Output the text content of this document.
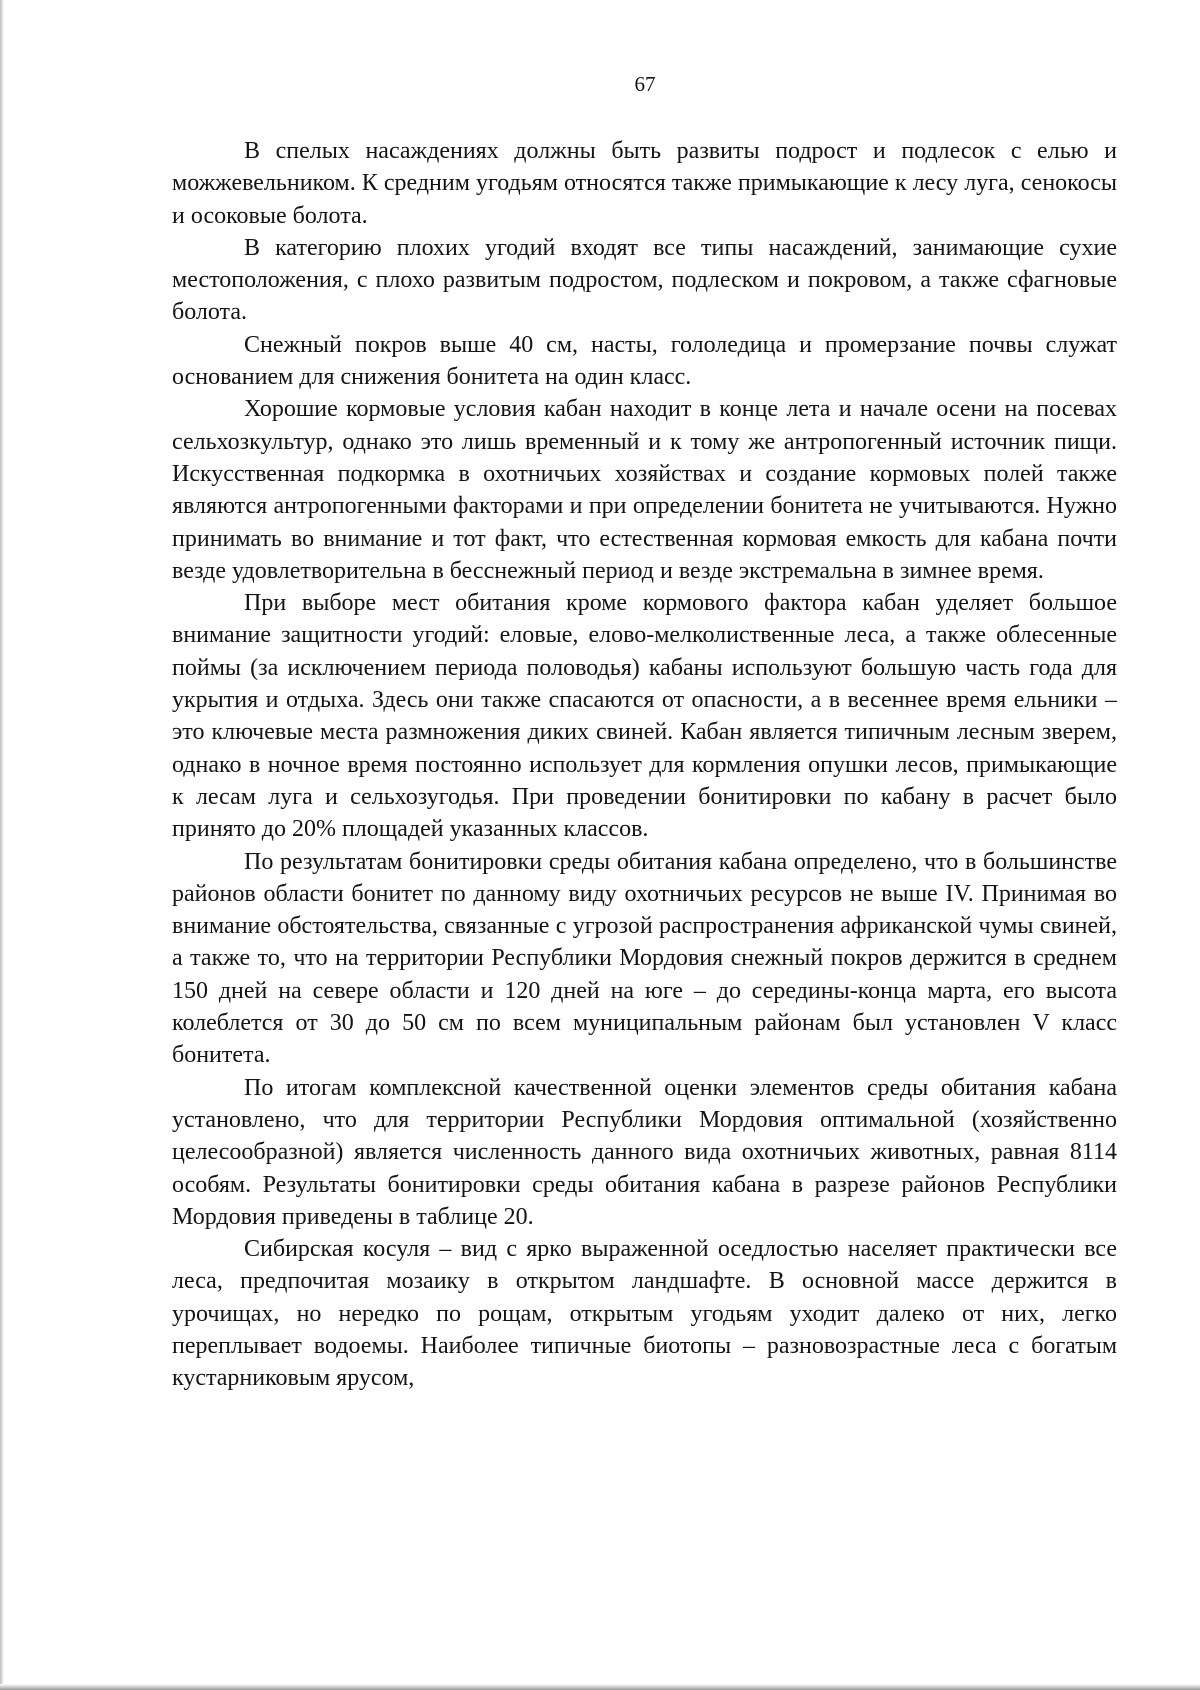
67

В спелых насаждениях должны быть развиты подрост и подлесок с елью и можжевельником. К средним угодьям относятся также примыкающие к лесу луга, сенокосы и осоковые болота.

В категорию плохих угодий входят все типы насаждений, занимающие сухие местоположения, с плохо развитым подростом, подлеском и покровом, а также сфагновые болота.

Снежный покров выше 40 см, насты, гололедица и промерзание почвы служат основанием для снижения бонитета на один класс.

Хорошие кормовые условия кабан находит в конце лета и начале осени на посевах сельхозкультур, однако это лишь временный и к тому же антропогенный источник пищи. Искусственная подкормка в охотничьих хозяйствах и создание кормовых полей также являются антропогенными факторами и при определении бонитета не учитываются. Нужно принимать во внимание и тот факт, что естественная кормовая емкость для кабана почти везде удовлетворительна в бесснежный период и везде экстремальна в зимнее время.

При выборе мест обитания кроме кормового фактора кабан уделяет большое внимание защитности угодий: еловые, елово-мелколиственные леса, а также облесенные поймы (за исключением периода половодья) кабаны используют большую часть года для укрытия и отдыха. Здесь они также спасаются от опасности, а в весеннее время ельники – это ключевые места размножения диких свиней. Кабан является типичным лесным зверем, однако в ночное время постоянно использует для кормления опушки лесов, примыкающие к лесам луга и сельхозугодья. При проведении бонитировки по кабану в расчет было принято до 20% площадей указанных классов.

По результатам бонитировки среды обитания кабана определено, что в большинстве районов области бонитет по данному виду охотничьих ресурсов не выше IV. Принимая во внимание обстоятельства, связанные с угрозой распространения африканской чумы свиней, а также то, что на территории Республики Мордовия снежный покров держится в среднем 150 дней на севере области и 120 дней на юге – до середины-конца марта, его высота колеблется от 30 до 50 см по всем муниципальным районам был установлен V класс бонитета.

По итогам комплексной качественной оценки элементов среды обитания кабана установлено, что для территории Республики Мордовия оптимальной (хозяйственно целесообразной) является численность данного вида охотничьих животных, равная 8114 особям. Результаты бонитировки среды обитания кабана в разрезе районов Республики Мордовия приведены в таблице 20.

Сибирская косуля – вид с ярко выраженной оседлостью населяет практически все леса, предпочитая мозаику в открытом ландшафте. В основной массе держится в урочищах, но нередко по рощам, открытым угодьям уходит далеко от них, легко переплывает водоемы. Наиболее типичные биотопы – разновозрастные леса с богатым кустарниковым ярусом,
